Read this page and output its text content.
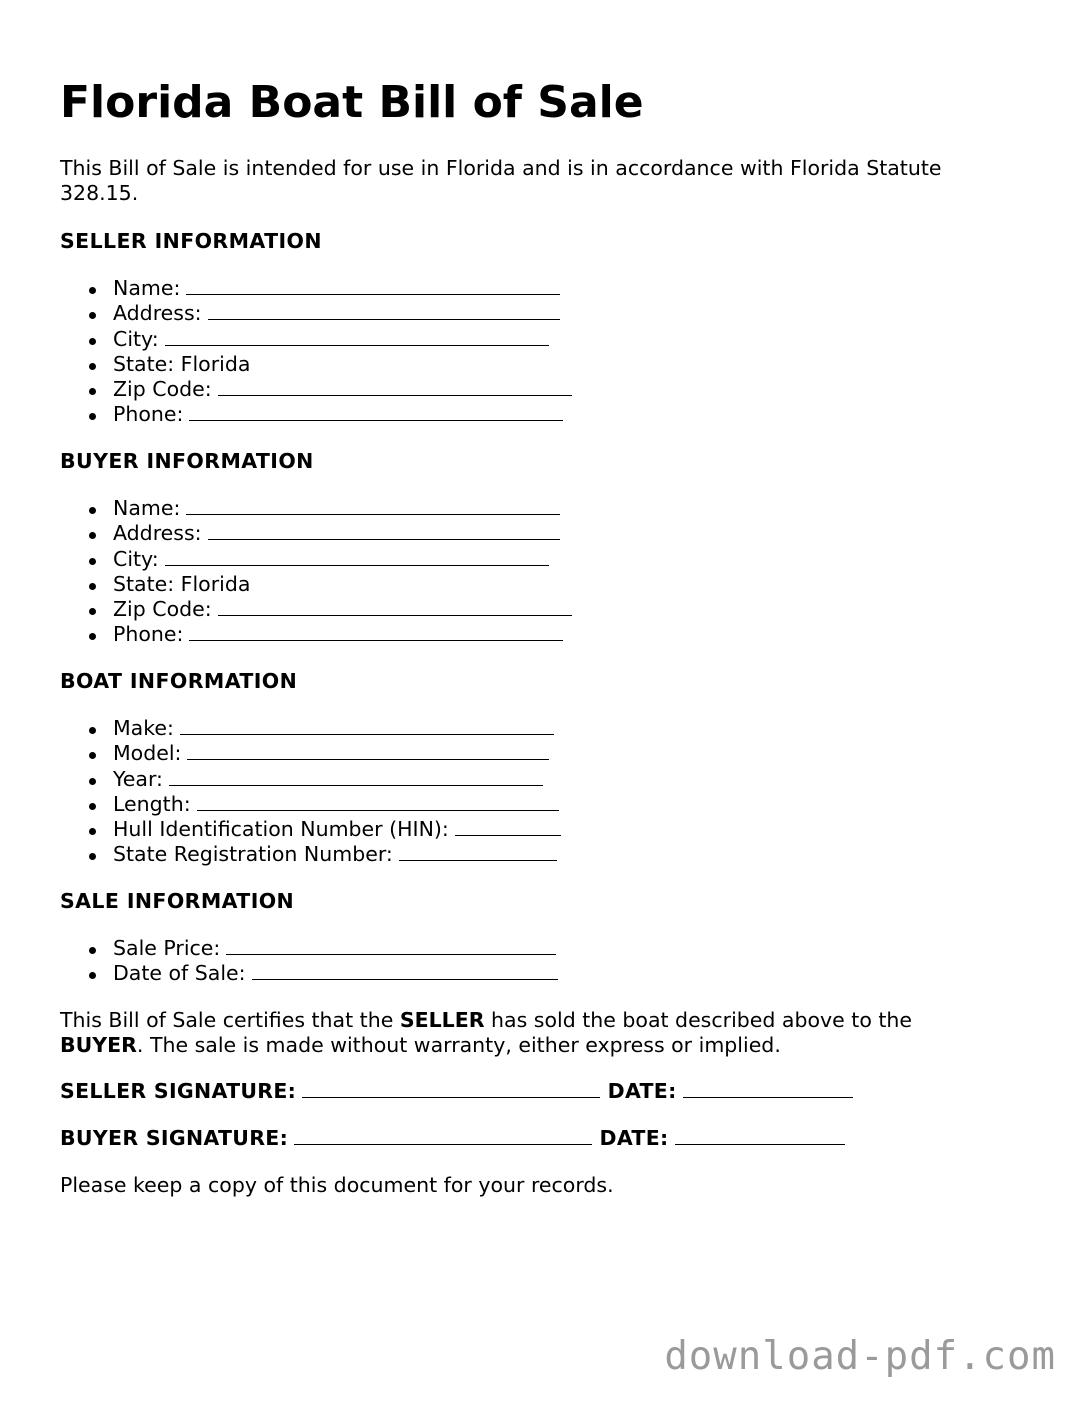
Florida Boat Bill of Sale

This Bill of Sale is intended for use in Florida and is in accordance with Florida Statute 328.15.

SELLER INFORMATION
Name:
Address:
City:
State: Florida
Zip Code:
Phone:
BUYER INFORMATION
Name:
Address:
City:
State: Florida
Zip Code:
Phone:
BOAT INFORMATION
Make:
Model:
Year:
Length:
Hull Identification Number (HIN):
State Registration Number:
SALE INFORMATION
Sale Price:
Date of Sale:

This Bill of Sale certifies that the SELLER has sold the boat described above to the
BUYER. The sale is made without warranty, either express or implied.

SELLER SIGNATURE:	DATE:

BUYER SIGNATURE:	DATE:

Please keep a copy of this document for your records.

download-pdf.com
